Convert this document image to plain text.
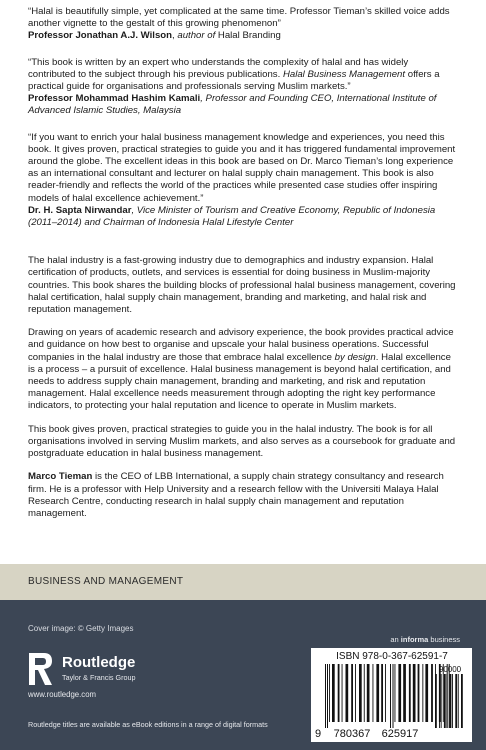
“Halal is beautifully simple, yet complicated at the same time. Professor Tieman’s skilled voice adds another vignette to the gestalt of this growing phenomenon”
Professor Jonathan A.J. Wilson, author of Halal Branding
“This book is written by an expert who understands the complexity of halal and has widely contributed to the subject through his previous publications. Halal Business Management offers a practical guide for organisations and professionals serving Muslim markets.”
Professor Mohammad Hashim Kamali, Professor and Founding CEO, International Institute of Advanced Islamic Studies, Malaysia
“If you want to enrich your halal business management knowledge and experiences, you need this book. It gives proven, practical strategies to guide you and it has triggered fundamental improvement around the globe. The excellent ideas in this book are based on Dr. Marco Tieman’s long experience as an international consultant and lecturer on halal supply chain management. This book is also reader-friendly and reflects the world of the practices while presented case studies offer inspiring models of halal excellence achievement.”
Dr. H. Sapta Nirwandar, Vice Minister of Tourism and Creative Economy, Republic of Indonesia (2011–2014) and Chairman of Indonesia Halal Lifestyle Center

The halal industry is a fast-growing industry due to demographics and industry expansion. Halal certification of products, outlets, and services is essential for doing business in Muslim-majority countries. This book shares the building blocks of professional halal business management, covering halal certification, halal supply chain management, branding and marketing, and halal risk and reputation management.

Drawing on years of academic research and advisory experience, the book provides practical advice and guidance on how best to organise and upscale your halal business operations. Successful companies in the halal industry are those that embrace halal excellence by design. Halal excellence is a process – a pursuit of excellence. Halal business management is beyond halal certification, and needs to address supply chain management, branding and marketing, and risk and reputation management. Halal excellence needs measurement through adopting the right key performance indicators, to protecting your halal reputation and licence to operate in Muslim markets.

This book gives proven, practical strategies to guide you in the halal industry. The book is for all organisations involved in serving Muslim markets, and also serves as a coursebook for graduate and postgraduate education in halal business management.

Marco Tieman is the CEO of LBB International, a supply chain strategy consultancy and research firm. He is a professor with Help University and a research fellow with the Universiti Malaya Halal Research Centre, conducting research in halal supply chain management and reputation management.

BUSINESS AND MANAGEMENT
Cover image: © Getty Images
an informa business
Routledge
Taylor & Francis Group
www.routledge.com
Routledge titles are available as eBook editions in a range of digital formats
ISBN 978-0-367-62591-7
90000
9 780367 625917
